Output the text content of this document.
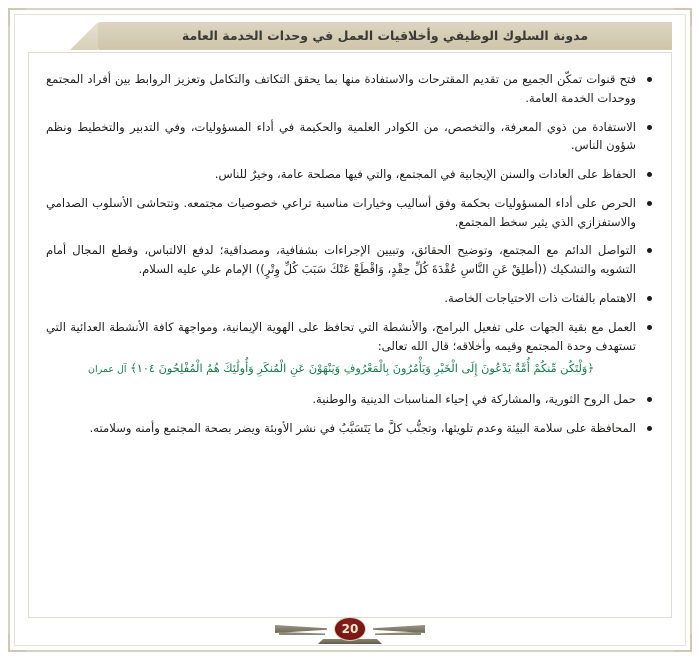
مدونة السلوك الوظيفي وأخلاقيات العمل في وحدات الخدمة العامة
فتح قنوات تمكّن الجميع من تقديم المقترحات والاستفادة منها بما يحقق التكاتف والتكامل وتعزيز الروابط بين أفراد المجتمع ووحدات الخدمة العامة.
الاستفادة من ذوي المعرفة، والتخصص، من الكوادر العلمية والحكيمة في أداء المسؤوليات، وفي التدبير والتخطيط ونظم شؤون الناس.
الحفاظ على العادات والسنن الإيجابية في المجتمع، والتي فيها مصلحة عامة، وخيرٌ للناس.
الحرص على أداء المسؤوليات بحكمة وفق أساليب وخيارات مناسبة تراعي خصوصيات مجتمعه. وتتحاشى الأسلوب الصدامي والاستفزازي الذي يثير سخط المجتمع.
التواصل الدائم مع المجتمع، وتوضيح الحقائق، وتبيين الإجراءات بشفافية، ومصداقية؛ لدفع الالتباس، وقطع المجال أمام التشويه والتشكيك ((أطلِقْ عَنِ النَّاسِ عُقْدَةَ كُلِّ حِقْدٍ، وَاقْطَعْ عَنْكَ سَبَبَ كُلِّ وِتْرٍ)) الإمام علي عليه السلام.
الاهتمام بالفئات ذات الاحتياجات الخاصة.
العمل مع بقية الجهات على تفعيل البرامج، والأنشطة التي تحافظ على الهوية الإيمانية، ومواجهة كافة الأنشطة العدائية التي تستهدف وحدة المجتمع وقيمه وأخلاقه؛ قال الله تعالى:
﴿وَلْتَكُن مِّنكُمْ أُمَّةٌ يَدْعُونَ إِلَى الْخَيْرِ وَيَأْمُرُونَ بِالْمَعْرُوفِ وَيَنْهَوْنَ عَنِ الْمُنكَرِ وَأُولَٰئِكَ هُمُ الْمُفْلِحُونَ ١٠٤﴾ آل عمران
حمل الروح الثورية، والمشاركة في إحياء المناسبات الدينية والوطنية.
المحافظة على سلامة البيئة وعدم تلويثها، وتجنُّب كلَّ ما يَتَسَبَّبُ في نشر الأوبئة ويضر بصحة المجتمع وأمنه وسلامته.
20
